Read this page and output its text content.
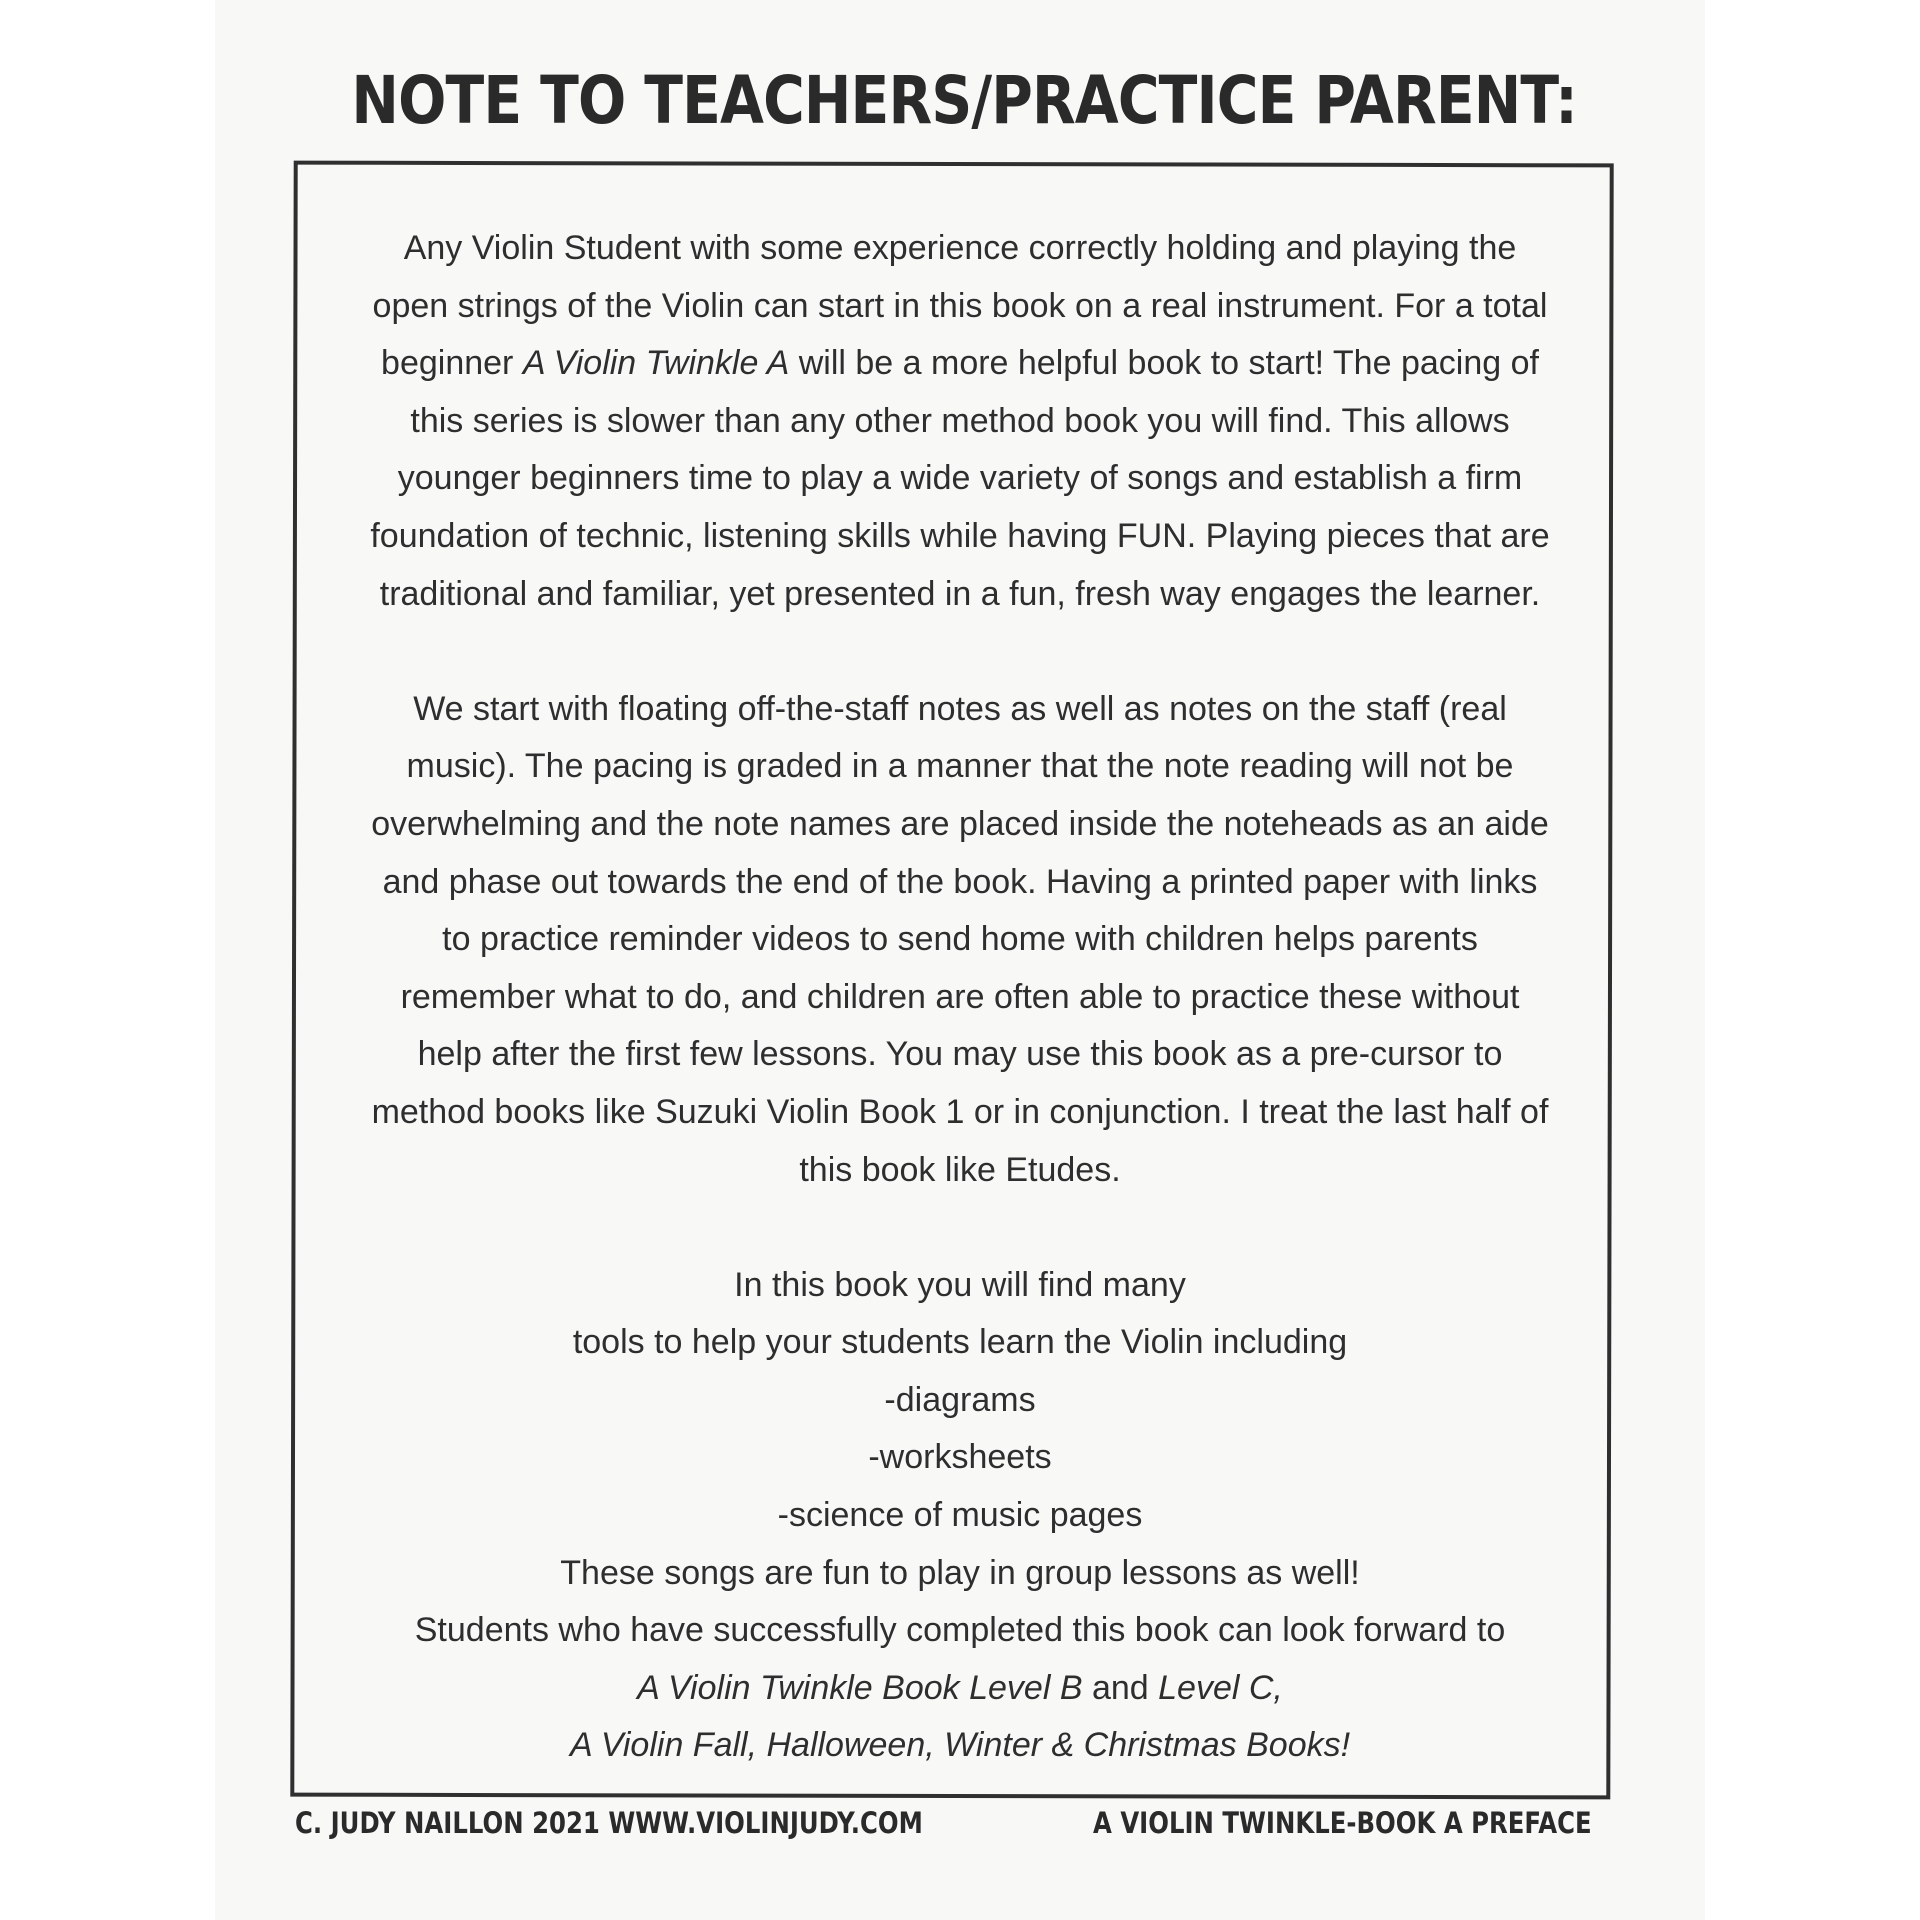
NOTE TO TEACHERS/PRACTICE PARENT:
Any Violin Student with some experience correctly holding and playing the
open strings of the Violin can start in this book on a real instrument. For a total
beginner A Violin Twinkle A will be a more helpful book to start! The pacing of
this series is slower than any other method book you will find. This allows
younger beginners time to play a wide variety of songs and establish a firm
foundation of technic, listening skills while having FUN. Playing pieces that are
traditional and familiar, yet presented in a fun, fresh way engages the learner.
We start with floating off-the-staff notes as well as notes on the staff (real
music). The pacing is graded in a manner that the note reading will not be
overwhelming and the note names are placed inside the noteheads as an aide
and phase out towards the end of the book. Having a printed paper with links
to practice reminder videos to send home with children helps parents
remember what to do, and children are often able to practice these without
help after the first few lessons. You may use this book as a pre-cursor to
method books like Suzuki Violin Book 1 or in conjunction. I treat the last half of
this book like Etudes.
In this book you will find many
tools to help your students learn the Violin including
-diagrams
-worksheets
-science of music pages
These songs are fun to play in group lessons as well!
Students who have successfully completed this book can look forward to
A Violin Twinkle Book Level B and Level C,
A Violin Fall, Halloween, Winter & Christmas Books!
C. JUDY NAILLON 2021 WWW.VIOLINJUDY.COM	A VIOLIN TWINKLE-BOOK A PREFACE
